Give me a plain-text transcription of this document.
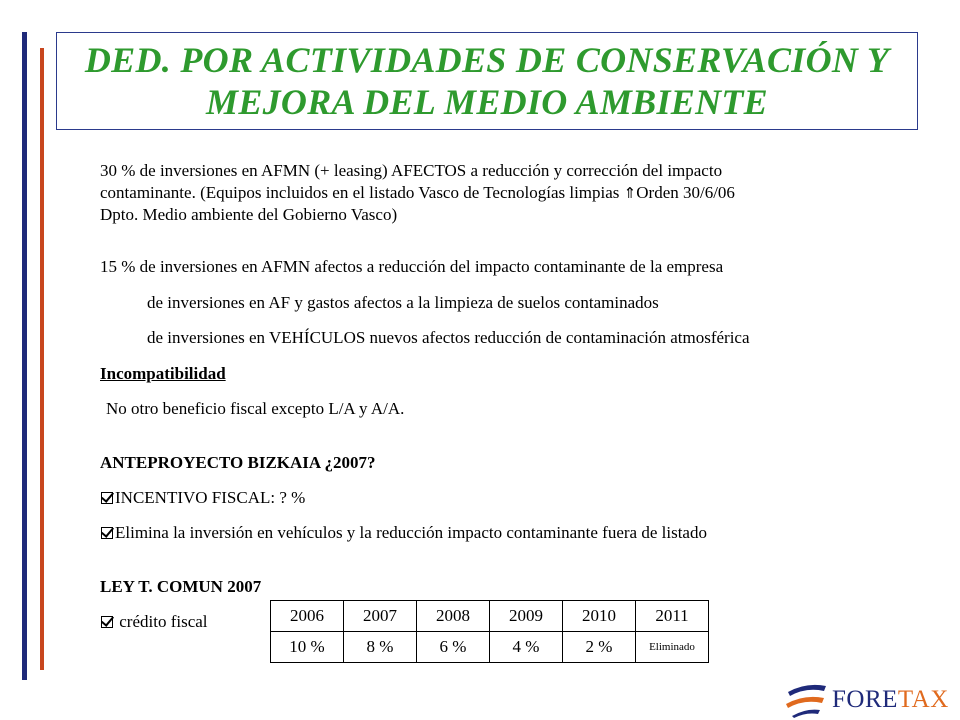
DED. POR ACTIVIDADES DE CONSERVACIÓN Y
MEJORA DEL MEDIO AMBIENTE
30 % de inversiones en AFMN (+ leasing) AFECTOS a reducción y corrección del impacto
contaminante. (Equipos incluidos en el listado Vasco de Tecnologías limpias ⇑Orden 30/6/06
Dpto. Medio ambiente del Gobierno Vasco)
15 % de inversiones en AFMN afectos a reducción del impacto contaminante de la empresa
de inversiones en AF y gastos afectos a la limpieza de suelos contaminados
de inversiones en VEHÍCULOS nuevos afectos reducción de contaminación atmosférica
Incompatibilidad
No otro beneficio fiscal excepto L/A y A/A.
ANTEPROYECTO BIZKAIA ¿2007?
INCENTIVO FISCAL: ? %
Elimina la inversión en vehículos y la reducción impacto contaminante fuera de listado
LEY T. COMUN 2007
crédito fiscal	2006	2007	2008	2009	2010	2011
10 %	8 %	6 %	4 %	2 %	Eliminado
FORETAX
